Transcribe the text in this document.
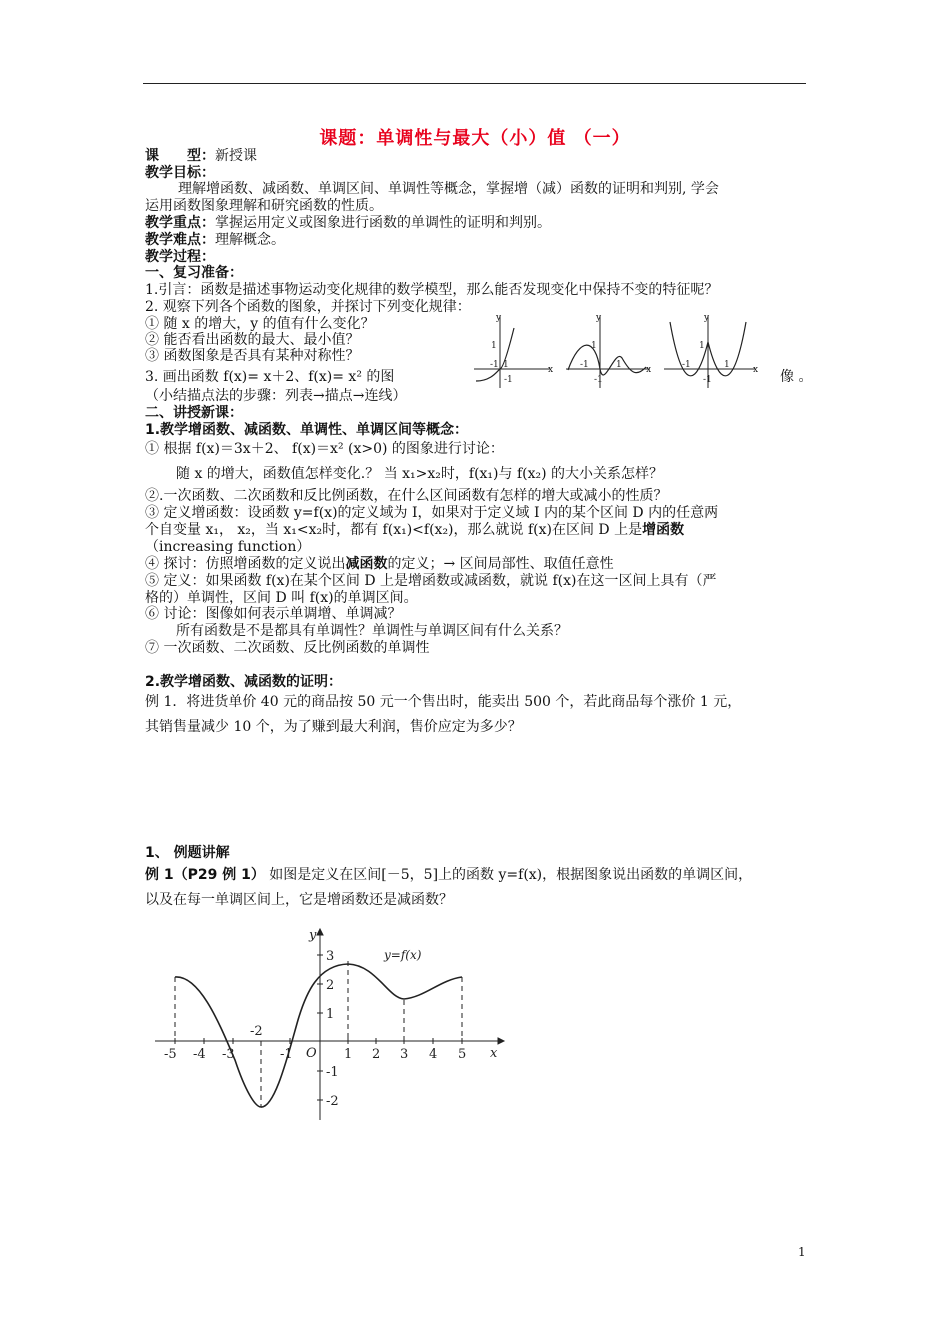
课题：单调性与最大（小）值 （一）
课　　型：新授课
教学目标：
理解增函数、减函数、单调区间、单调性等概念，掌握增（减）函数的证明和判别, 学会
运用函数图象理解和研究函数的性质。
教学重点：掌握运用定义或图象进行函数的单调性的证明和判别。
教学难点：理解概念。
教学过程：
一、复习准备：
1.引言：函数是描述事物运动变化规律的数学模型，那么能否发现变化中保持不变的特征呢？
2. 观察下列各个函数的图象，并探讨下列变化规律：
① 随 x 的增大，y 的值有什么变化？
② 能否看出函数的最大、最小值？
③ 函数图象是否具有某种对称性？
3. 画出函数 f(x)= x＋2、f(x)= x² 的图	像 。
（小结描点法的步骤：列表→描点→连线）
二、讲授新课：
1.教学增函数、减函数、单调性、单调区间等概念：
① 根据 f(x)＝3x＋2、 f(x)＝x² (x>0) 的图象进行讨论：
随 x 的增大，函数值怎样变化.？ 当 x₁>x₂时，f(x₁)与 f(x₂) 的大小关系怎样？
②.一次函数、二次函数和反比例函数，在什么区间函数有怎样的增大或减小的性质？
③ 定义增函数：设函数 y=f(x)的定义域为 I，如果对于定义域 I 内的某个区间 D 内的任意两
个自变量 x₁， x₂，当 x₁<x₂时，都有 f(x₁)<f(x₂)，那么就说 f(x)在区间 D 上是增函数
（increasing function）
④ 探讨：仿照增函数的定义说出减函数的定义；→ 区间局部性、取值任意性
⑤ 定义：如果函数 f(x)在某个区间 D 上是增函数或减函数，就说 f(x)在这一区间上具有（严
格的）单调性，区间 D 叫 f(x)的单调区间。
⑥ 讨论：图像如何表示单调增、单调减？
所有函数是不是都具有单调性？单调性与单调区间有什么关系？
⑦ 一次函数、二次函数、反比例函数的单调性
2.教学增函数、减函数的证明：
例 1．将进货单价 40 元的商品按 50 元一个售出时，能卖出 500 个，若此商品每个涨价 1 元，
其销售量减少 10 个，为了赚到最大利润，售价应定为多少？
1、 例题讲解
例 1（P29 例 1） 如图是定义在区间[－5，5]上的函数 y=f(x)，根据图象说出函数的单调区间，
以及在每一单调区间上，它是增函数还是减函数？
y
x
1
-1 1
-1
y
x
1
-1	1
-1
y
x
1
-1	1
-1
y
x
O
y=f(x)
-5 -4 -3	-1	1 2 3 4 5
3
2
1
-1
-2
-2
1
